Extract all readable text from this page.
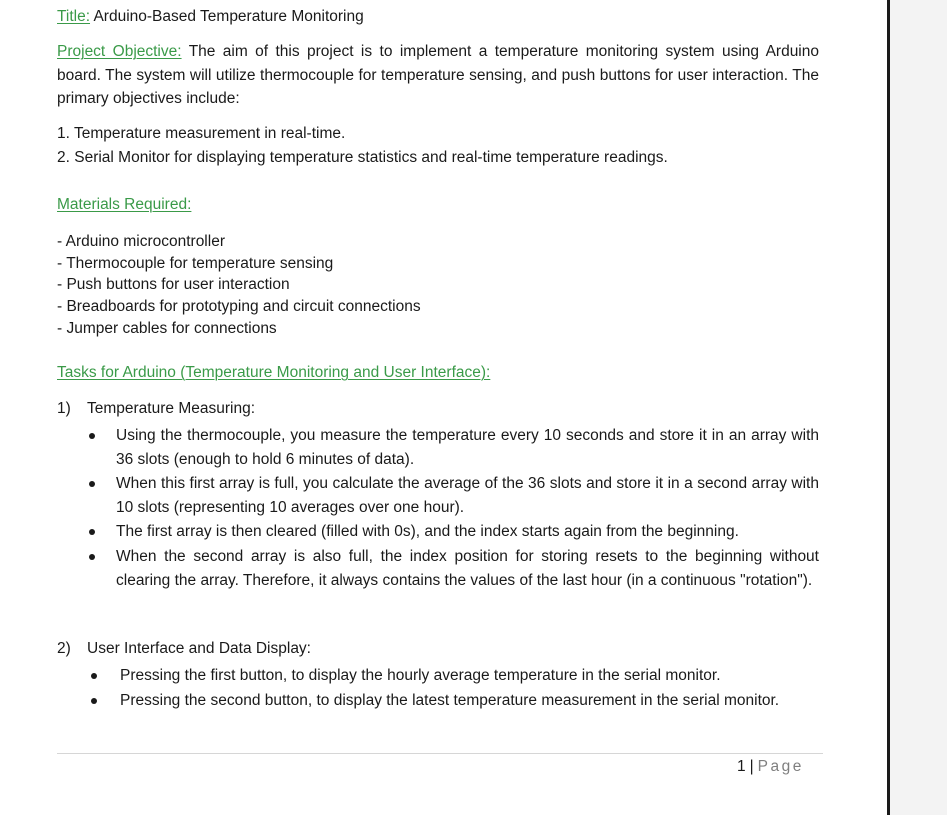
Title: Arduino-Based Temperature Monitoring
Project Objective: The aim of this project is to implement a temperature monitoring system using Arduino board. The system will utilize thermocouple for temperature sensing, and push buttons for user interaction. The primary objectives include:
1. Temperature measurement in real-time.
2. Serial Monitor for displaying temperature statistics and real-time temperature readings.
Materials Required:
- Arduino microcontroller
- Thermocouple for temperature sensing
- Push buttons for user interaction
- Breadboards for prototyping and circuit connections
- Jumper cables for connections
Tasks for Arduino (Temperature Monitoring and User Interface):
1) Temperature Measuring:
Using the thermocouple, you measure the temperature every 10 seconds and store it in an array with 36 slots (enough to hold 6 minutes of data).
When this first array is full, you calculate the average of the 36 slots and store it in a second array with 10 slots (representing 10 averages over one hour).
The first array is then cleared (filled with 0s), and the index starts again from the beginning.
When the second array is also full, the index position for storing resets to the beginning without clearing the array. Therefore, it always contains the values of the last hour (in a continuous "rotation").
2) User Interface and Data Display:
Pressing the first button, to display the hourly average temperature in the serial monitor.
Pressing the second button, to display the latest temperature measurement in the serial monitor.
1 | Page
